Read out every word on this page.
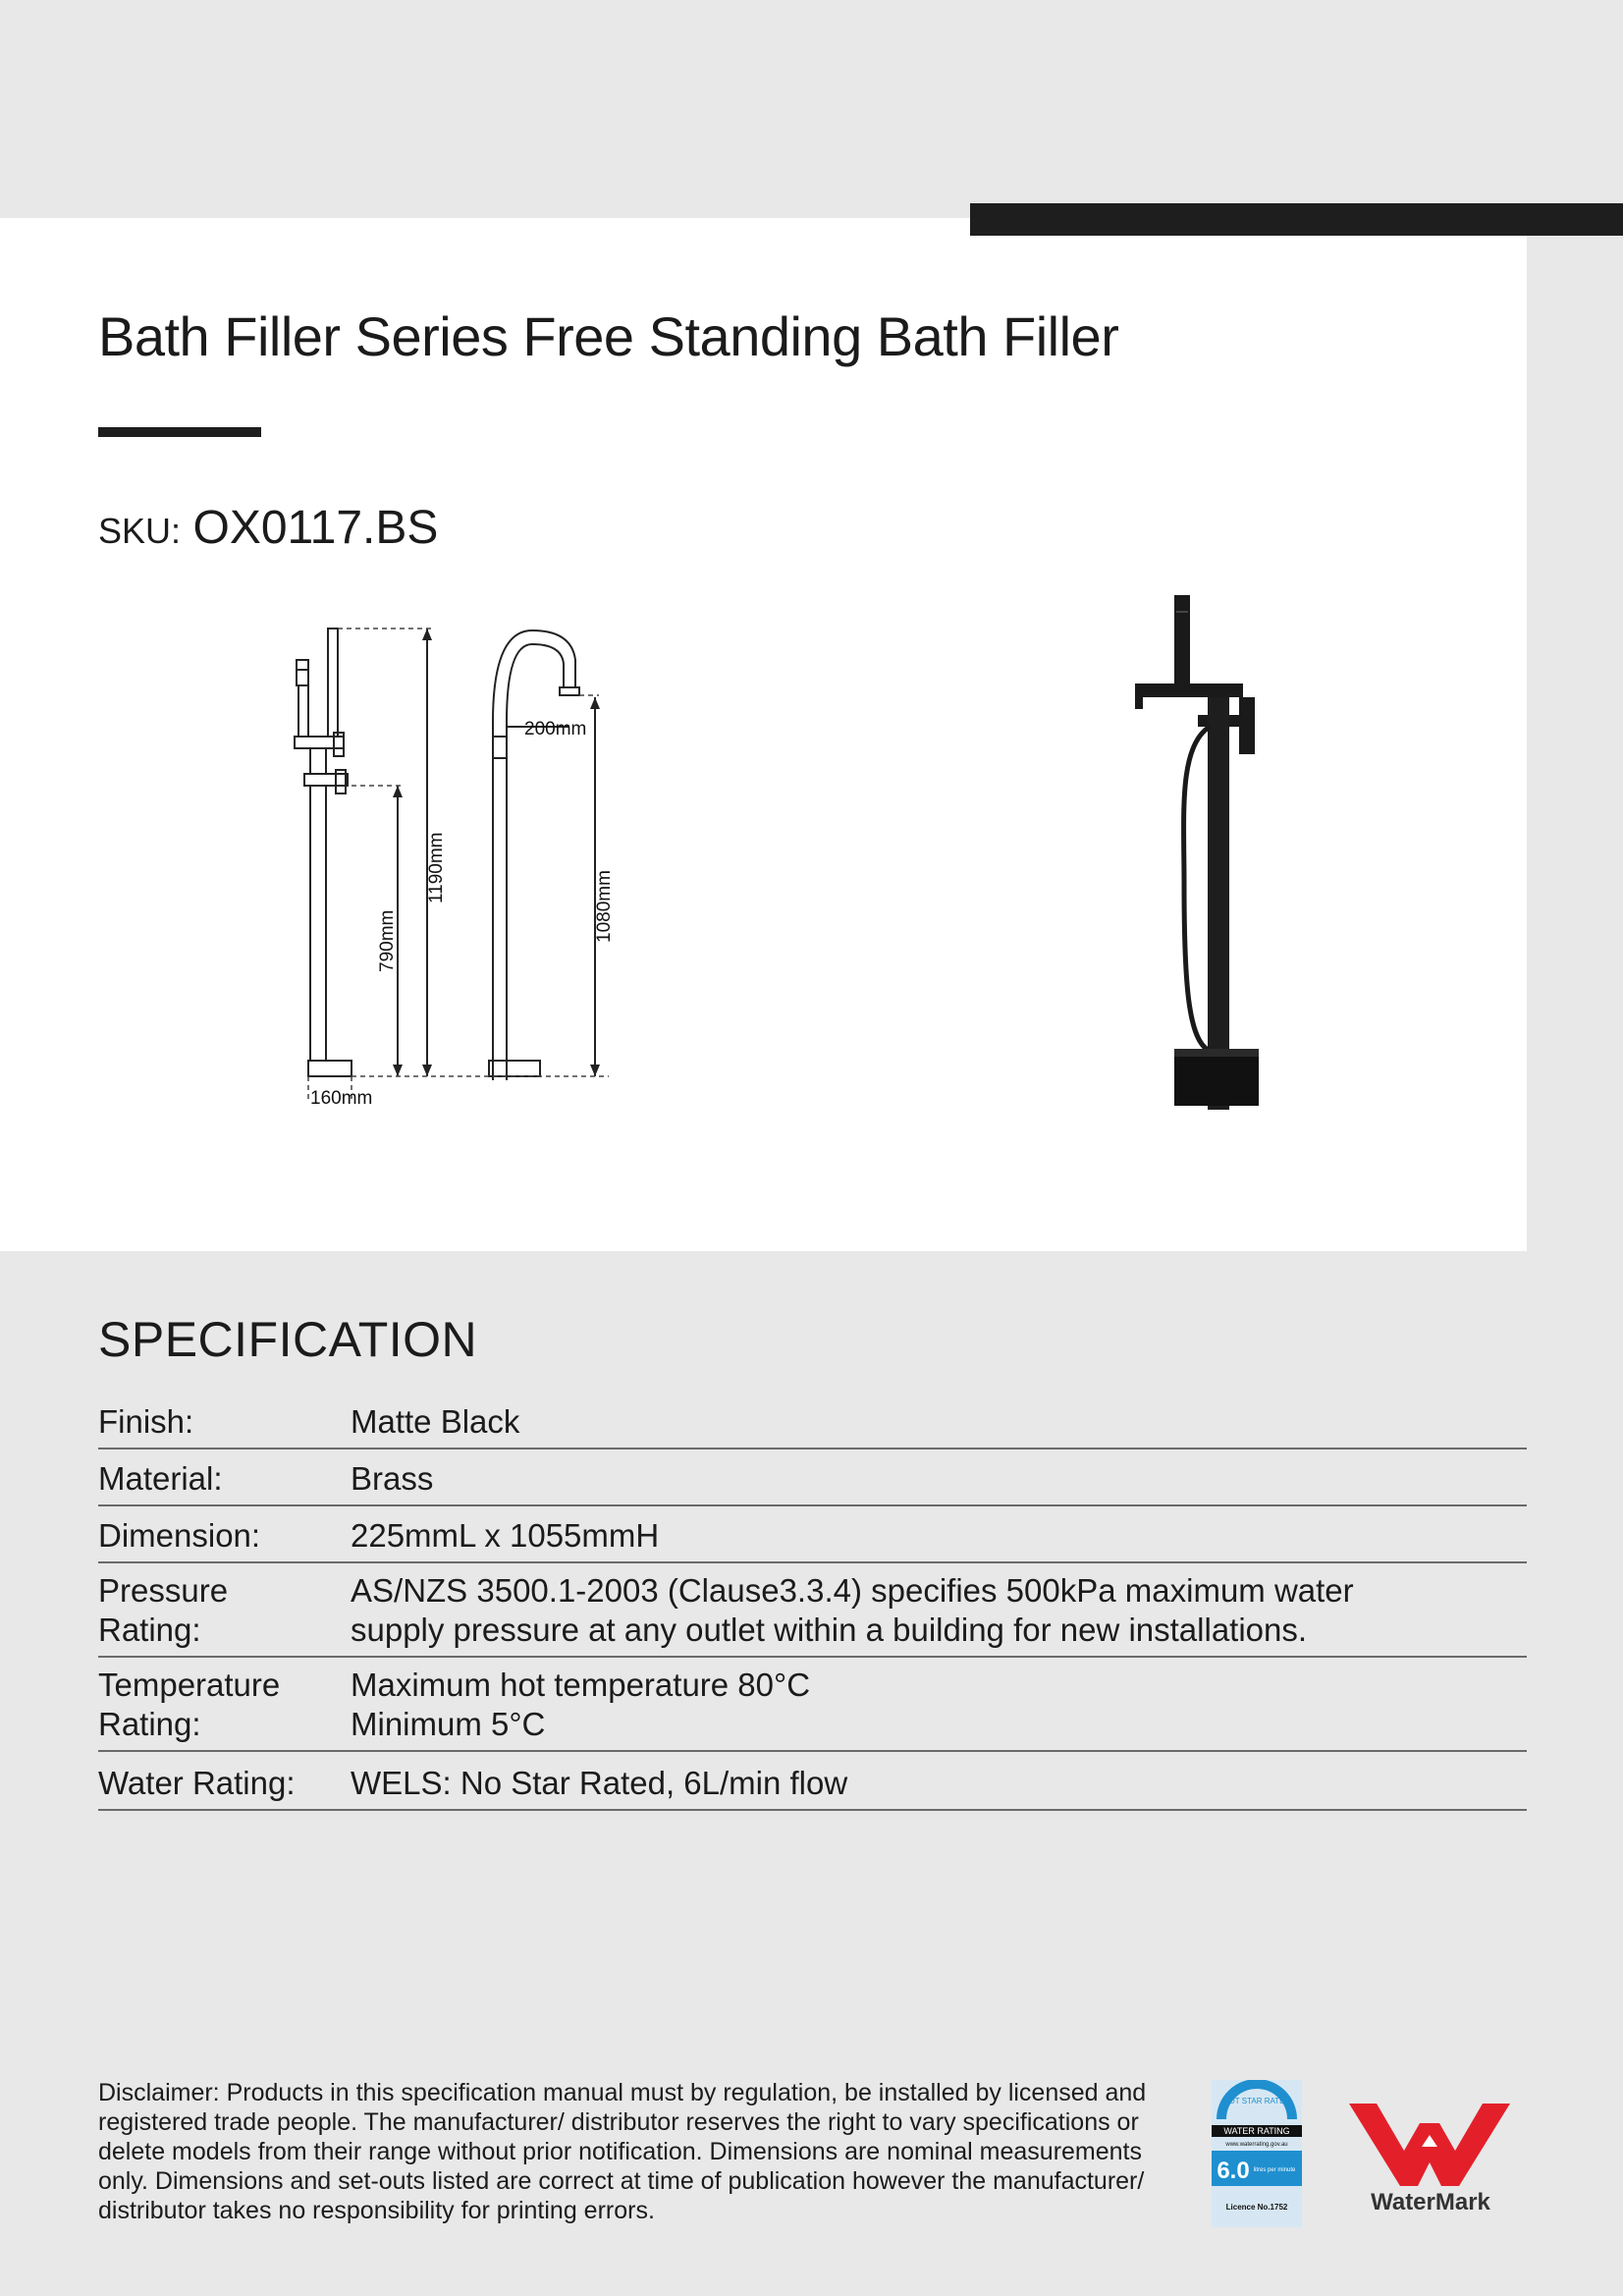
Bath Filler Series Free Standing Bath Filler
SKU: OX0117.BS
200mm
1190mm
1080mm
790mm
160mm
SPECIFICATION
Finish:	Matte Black
Material:	Brass
Dimension:	225mmL x 1055mmH
Pressure Rating:
AS/NZS 3500.1-2003 (Clause3.3.4) specifies 500kPa maximum water
supply pressure at any outlet within a building for new installations.
Temperature Rating:
Maximum hot temperature 80°C
Minimum 5°C
Water Rating:	WELS: No Star Rated, 6L/min flow
Disclaimer: Products in this specification manual must by regulation, be installed by licensed and registered trade people. The manufacturer/ distributor reserves the right to vary specifications or delete models from their range without prior notification. Dimensions are nominal measurements only. Dimensions and set-outs listed are correct at time of publication however the manufacturer/ distributor takes no responsibility for printing errors.
NOT STAR RATED
WATER RATING
www.waterrating.gov.au
6.0 litres per minute
Licence No.1752	WaterMark
